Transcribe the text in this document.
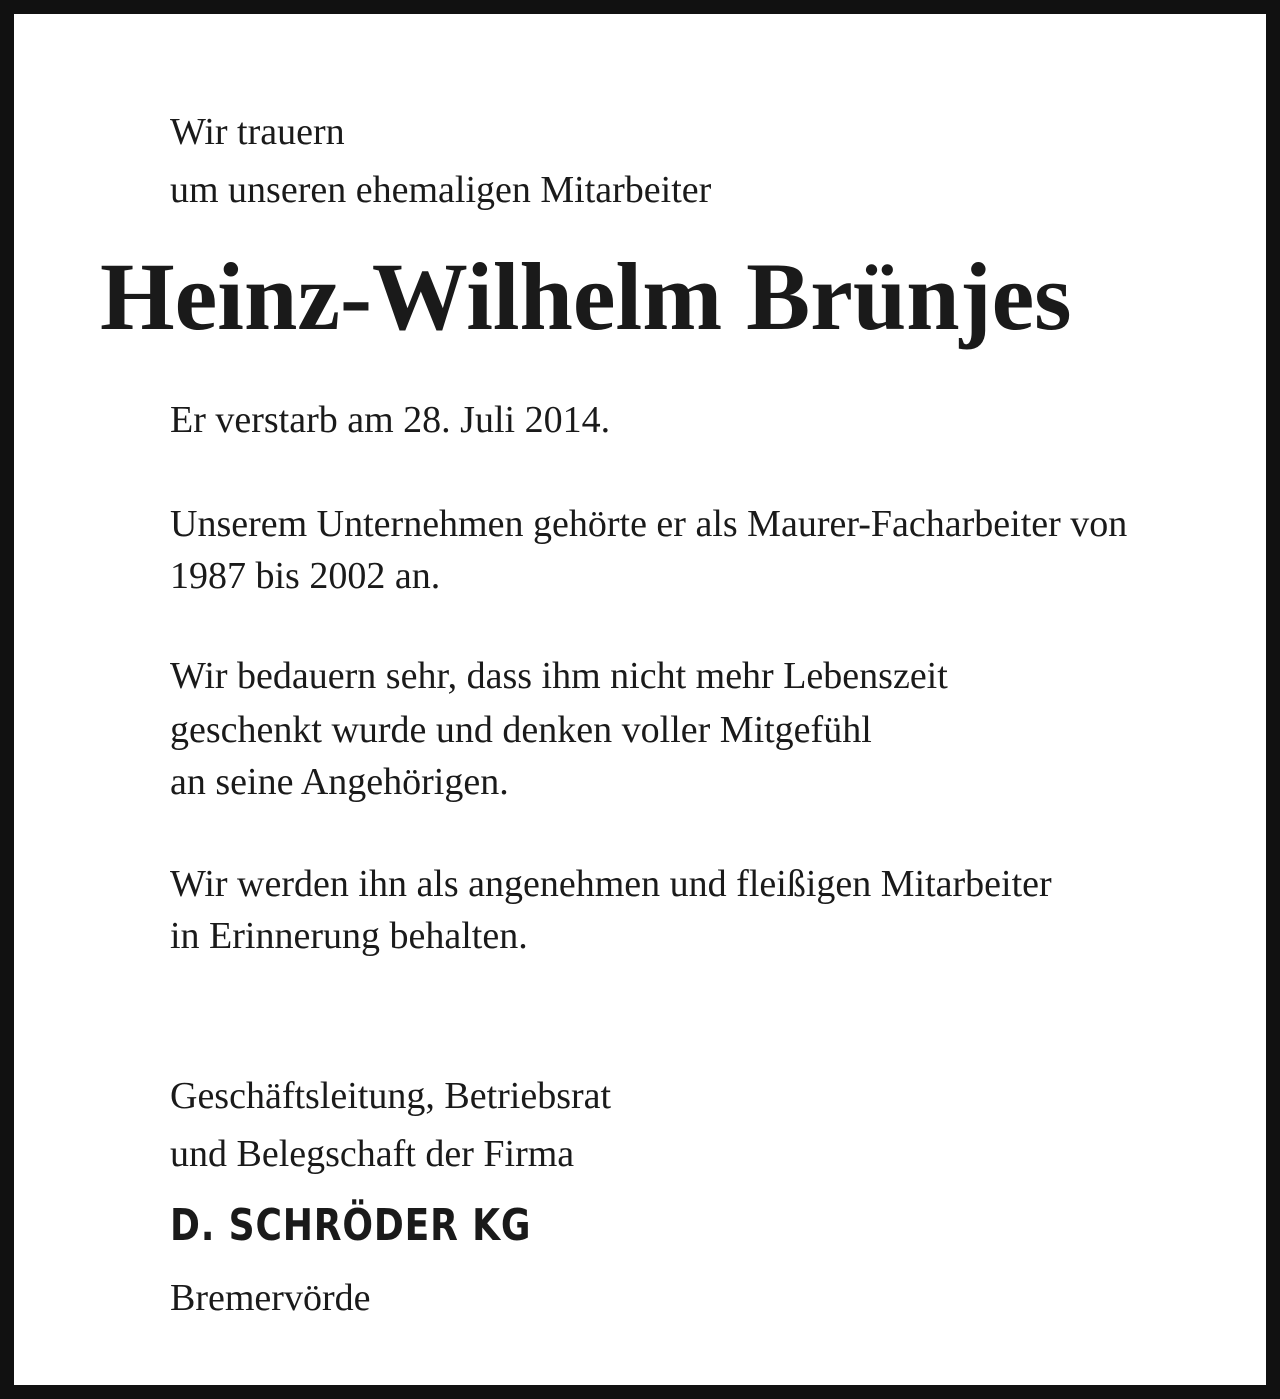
Wir trauern

um unseren ehemaligen Mitarbeiter

Heinz-Wilhelm Brünjes

Er verstarb am 28. Juli 2014.

Unserem Unternehmen gehörte er als Maurer-Facharbeiter von

1987 bis 2002 an.

Wir bedauern sehr, dass ihm nicht mehr Lebenszeit

geschenkt wurde und denken voller Mitgefühl

an seine Angehörigen.

Wir werden ihn als angenehmen und fleißigen Mitarbeiter

in Erinnerung behalten.

Geschäftsleitung, Betriebsrat

und Belegschaft der Firma

D. SCHRÖDER KG

Bremervörde
